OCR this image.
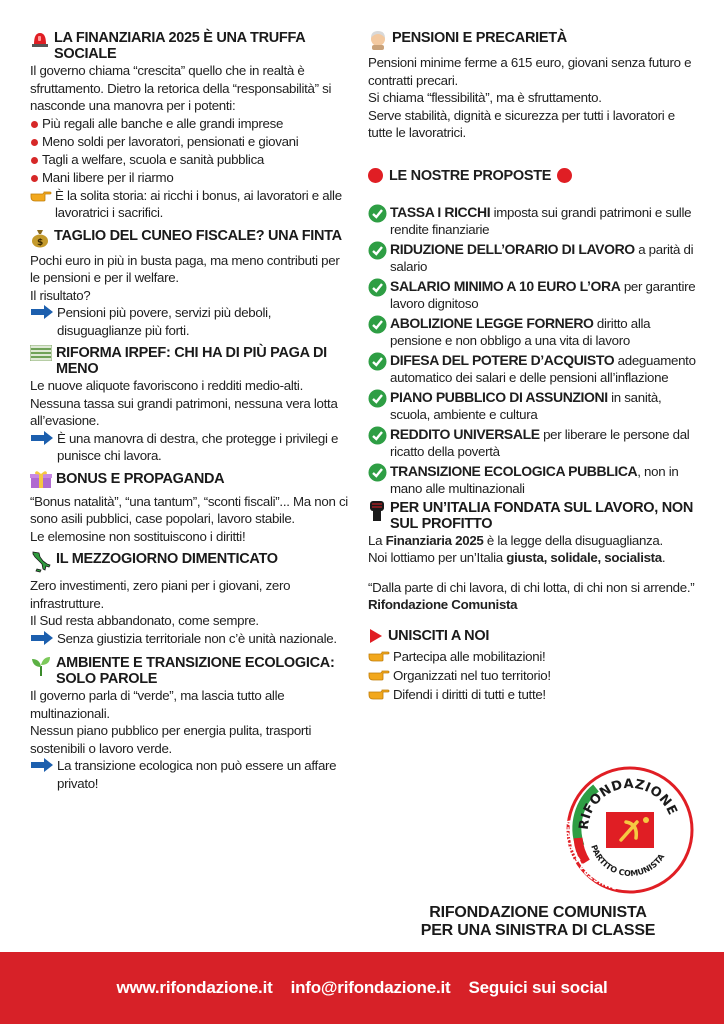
LA FINANZIARIA 2025 È UNA TRUFFA SOCIALE
Il governo chiama “crescita” quello che in realtà è sfruttamento. Dietro la retorica della “responsabilità” si nasconde una manovra per i potenti:
Più regali alle banche e alle grandi imprese
Meno soldi per lavoratori, pensionati e giovani
Tagli a welfare, scuola e sanità pubblica
Mani libere per il riarmo
È la solita storia: ai ricchi i bonus, ai lavoratori e alle lavoratrici i sacrifici.
$ TAGLIO DEL CUNEO FISCALE? UNA FINTA
Pochi euro in più in busta paga, ma meno contributi per le pensioni e per il welfare.
Il risultato?
Pensioni più povere, servizi più deboli, disuguaglianze più forti.
RIFORMA IRPEF: CHI HA DI PIÙ PAGA DI MENO
Le nuove aliquote favoriscono i redditi medio-alti. Nessuna tassa sui grandi patrimoni, nessuna vera lotta all’evasione.
È una manovra di destra, che protegge i privilegi e punisce chi lavora.
BONUS E PROPAGANDA
“Bonus natalità”, “una tantum”, “sconti fiscali”... Ma non ci sono asili pubblici, case popolari, lavoro stabile.
Le elemosine non sostituiscono i diritti!
IL MEZZOGIORNO DIMENTICATO
Zero investimenti, zero piani per i giovani, zero infrastrutture.
Il Sud resta abbandonato, come sempre.
Senza giustizia territoriale non c’è unità nazionale.
AMBIENTE E TRANSIZIONE ECOLOGICA: SOLO PAROLE
Il governo parla di “verde”, ma lascia tutto alle multinazionali.
Nessun piano pubblico per energia pulita, trasporti sostenibili o lavoro verde.
La transizione ecologica non può essere un affare privato!
PENSIONI E PRECARIETÀ
Pensioni minime ferme a 615 euro, giovani senza futuro e contratti precari.
Si chiama “flessibilità”, ma è sfruttamento.
Serve stabilità, dignità e sicurezza per tutti i lavoratori e tutte le lavoratrici.
LE NOSTRE PROPOSTE
TASSA I RICCHI imposta sui grandi patrimoni e sulle rendite finanziarie
RIDUZIONE DELL’ORARIO DI LAVORO a parità di salario
SALARIO MINIMO A 10 EURO L’ORA per garantire lavoro dignitoso
ABOLIZIONE LEGGE FORNERO diritto alla pensione e non obbligo a una vita di lavoro
DIFESA DEL POTERE D’ACQUISTO adeguamento automatico dei salari e delle pensioni all’inflazione
PIANO PUBBLICO DI ASSUNZIONI in sanità, scuola, ambiente e cultura
REDDITO UNIVERSALE per liberare le persone dal ricatto della povertà
TRANSIZIONE ECOLOGICA PUBBLICA, non in mano alle multinazionali
PER UN’ITALIA FONDATA SUL LAVORO, NON SUL PROFITTO
La Finanziaria 2025 è la legge della disuguaglianza.
Noi lottiamo per un’Italia giusta, solidale, socialista.
“Dalla parte di chi lavora, di chi lotta, di chi non si arrende.”
Rifondazione Comunista
UNISCITI A NOI
Partecipa alle mobilitazioni!
Organizzati nel tuo territorio!
Difendi i diritti di tutti e tutte!
SINISTRA EUR
RIFONDAZIONE
PARTITO COMUNISTA
RIFONDAZIONE COMUNISTA
PER UNA SINISTRA DI CLASSE
www.rifondazione.it info@rifondazione.it Seguici sui social
